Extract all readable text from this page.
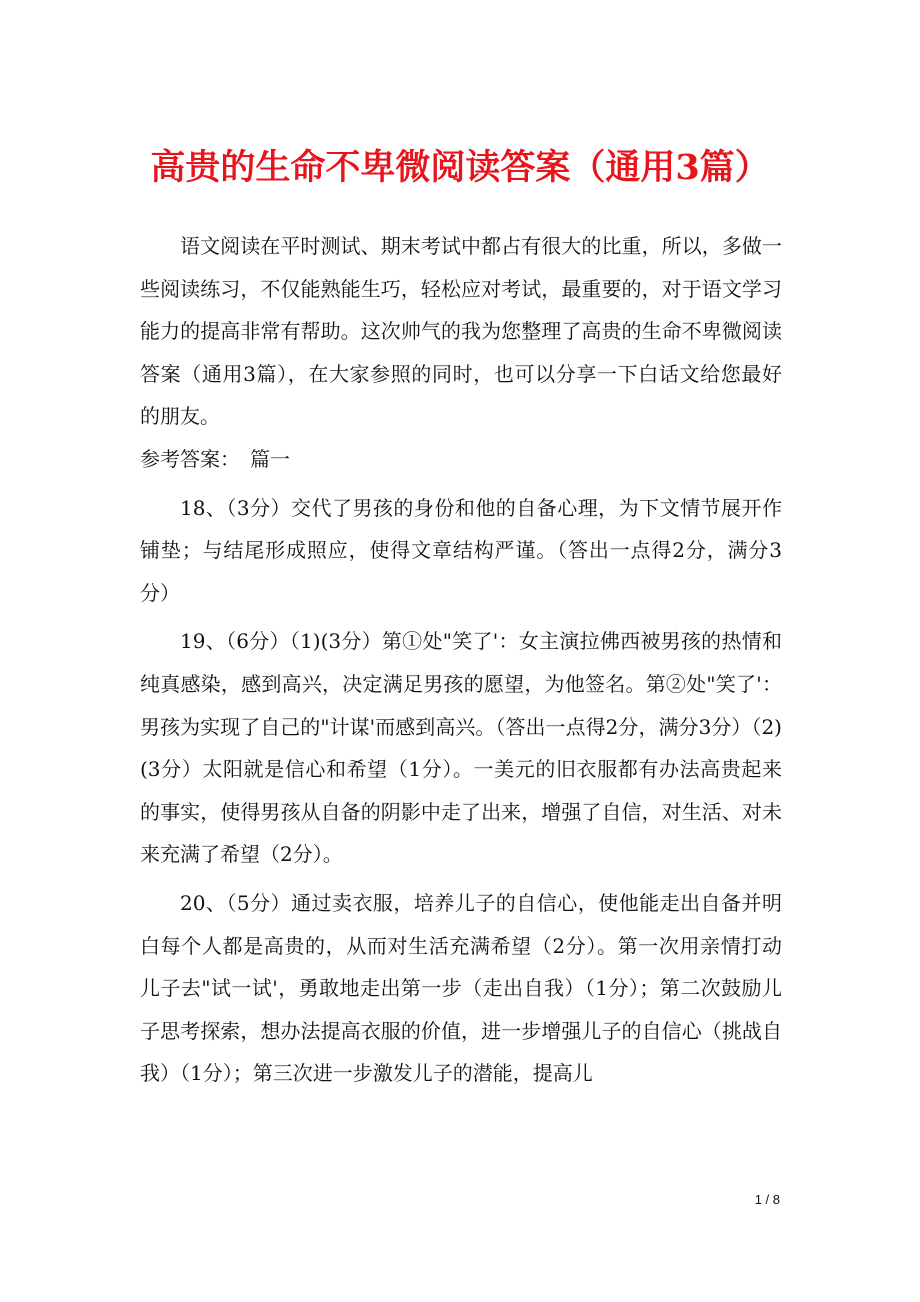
高贵的生命不卑微阅读答案（通用3篇）

语文阅读在平时测试、期末考试中都占有很大的比重，所以，多做一些阅读练习，不仅能熟能生巧，轻松应对考试，最重要的，对于语文学习能力的提高非常有帮助。这次帅气的我为您整理了高贵的生命不卑微阅读答案（通用3篇），在大家参照的同时，也可以分享一下白话文给您最好的朋友。

参考答案：　篇一

18、（3分）交代了男孩的身份和他的自备心理，为下文情节展开作铺垫；与结尾形成照应，使得文章结构严谨。（答出一点得2分，满分3分）

19、（6分）（1)(3分）第①处"笑了'：女主演拉佛西被男孩的热情和纯真感染，感到高兴，决定满足男孩的愿望，为他签名。第②处"笑了'：男孩为实现了自己的"计谋'而感到高兴。（答出一点得2分，满分3分）（2)(3分）太阳就是信心和希望（1分）。一美元的旧衣服都有办法高贵起来的事实，使得男孩从自备的阴影中走了出来，增强了自信，对生活、对未来充满了希望（2分）。

20、（5分）通过卖衣服，培养儿子的自信心，使他能走出自备并明白每个人都是高贵的，从而对生活充满希望（2分）。第一次用亲情打动儿子去"试一试'，勇敢地走出第一步（走出自我）（1分）；第二次鼓励儿子思考探索，想办法提高衣服的价值，进一步增强儿子的自信心（挑战自我）（1分）；第三次进一步激发儿子的潜能，提高儿

1 / 8
